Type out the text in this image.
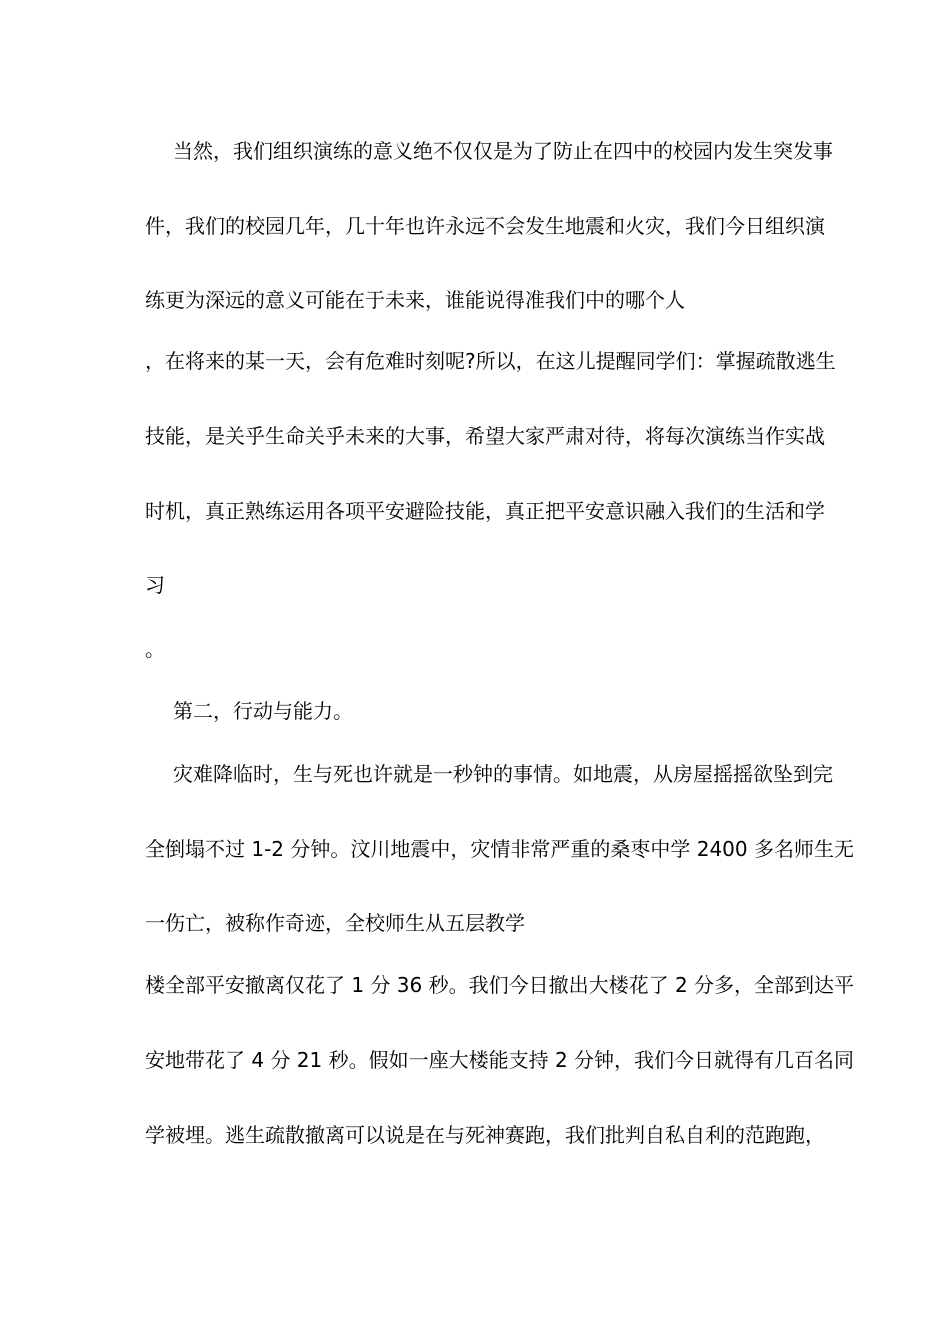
当然，我们组织演练的意义绝不仅仅是为了防止在四中的校园内发生突发事
件，我们的校园几年，几十年也许永远不会发生地震和火灾，我们今日组织演
练更为深远的意义可能在于未来，谁能说得准我们中的哪个人
，在将来的某一天，会有危难时刻呢?所以，在这儿提醒同学们：掌握疏散逃生
技能，是关乎生命关乎未来的大事，希望大家严肃对待，将每次演练当作实战
时机，真正熟练运用各项平安避险技能，真正把平安意识融入我们的生活和学
习
。
第二，行动与能力。
灾难降临时，生与死也许就是一秒钟的事情。如地震，从房屋摇摇欲坠到完
全倒塌不过 1-2 分钟。汶川地震中，灾情非常严重的桑枣中学 2400 多名师生无
一伤亡，被称作奇迹，全校师生从五层教学
楼全部平安撤离仅花了 1 分 36 秒。我们今日撤出大楼花了 2 分多，全部到达平
安地带花了 4 分 21 秒。假如一座大楼能支持 2 分钟，我们今日就得有几百名同
学被埋。逃生疏散撤离可以说是在与死神赛跑，我们批判自私自利的范跑跑，
